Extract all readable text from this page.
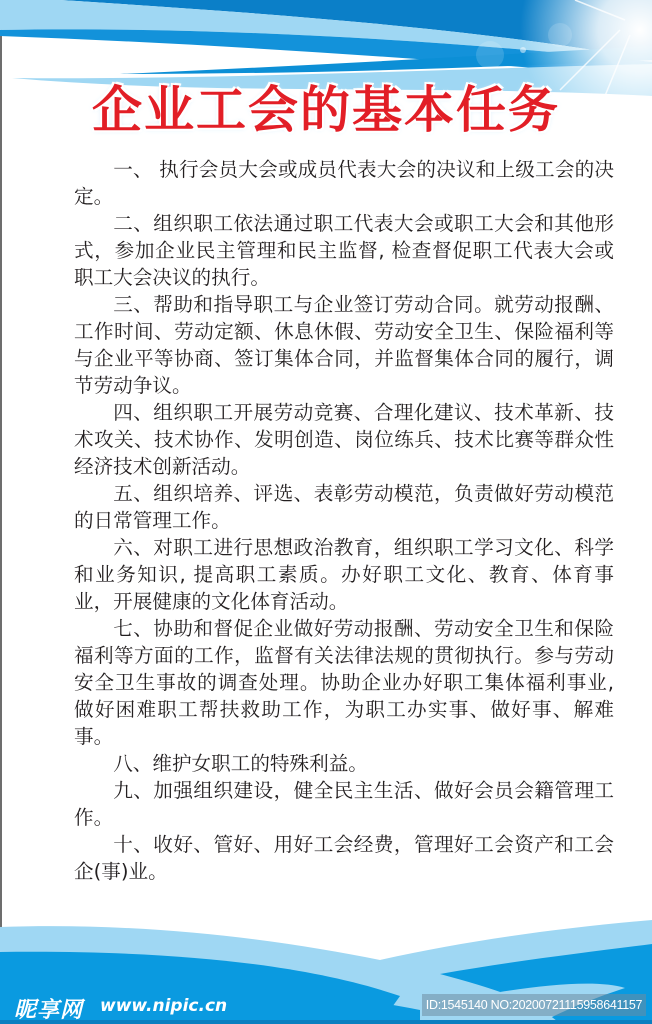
企业工会的基本任务

一、 执行会员大会或成员代表大会的决议和上级工会的决定。

二、组织职工依法通过职工代表大会或职工大会和其他形式，参加企业民主管理和民主监督, 检查督促职工代表大会或职工大会决议的执行。

三、帮助和指导职工与企业签订劳动合同。就劳动报酬、工作时间、劳动定额、休息休假、劳动安全卫生、保险福利等与企业平等协商、签订集体合同，并监督集体合同的履行，调节劳动争议。

四、组织职工开展劳动竞赛、合理化建议、技术革新、技术攻关、技术协作、发明创造、岗位练兵、技术比赛等群众性经济技术创新活动。

五、组织培养、评选、表彰劳动模范，负责做好劳动模范的日常管理工作。

六、对职工进行思想政治教育，组织职工学习文化、科学和业务知识, 提高职工素质。办好职工文化、教育、体育事业，开展健康的文化体育活动。

七、协助和督促企业做好劳动报酬、劳动安全卫生和保险福利等方面的工作，监督有关法律法规的贯彻执行。参与劳动安全卫生事故的调查处理。协助企业办好职工集体福利事业, 做好困难职工帮扶救助工作，为职工办实事、做好事、解难事。

八、维护女职工的特殊利益。

九、加强组织建设，健全民主生活、做好会员会籍管理工作。

十、收好、管好、用好工会经费，管理好工会资产和工会企(事)业。

昵享网 www.nipic.cn	ID:1545140 NO:20200721115958641157
